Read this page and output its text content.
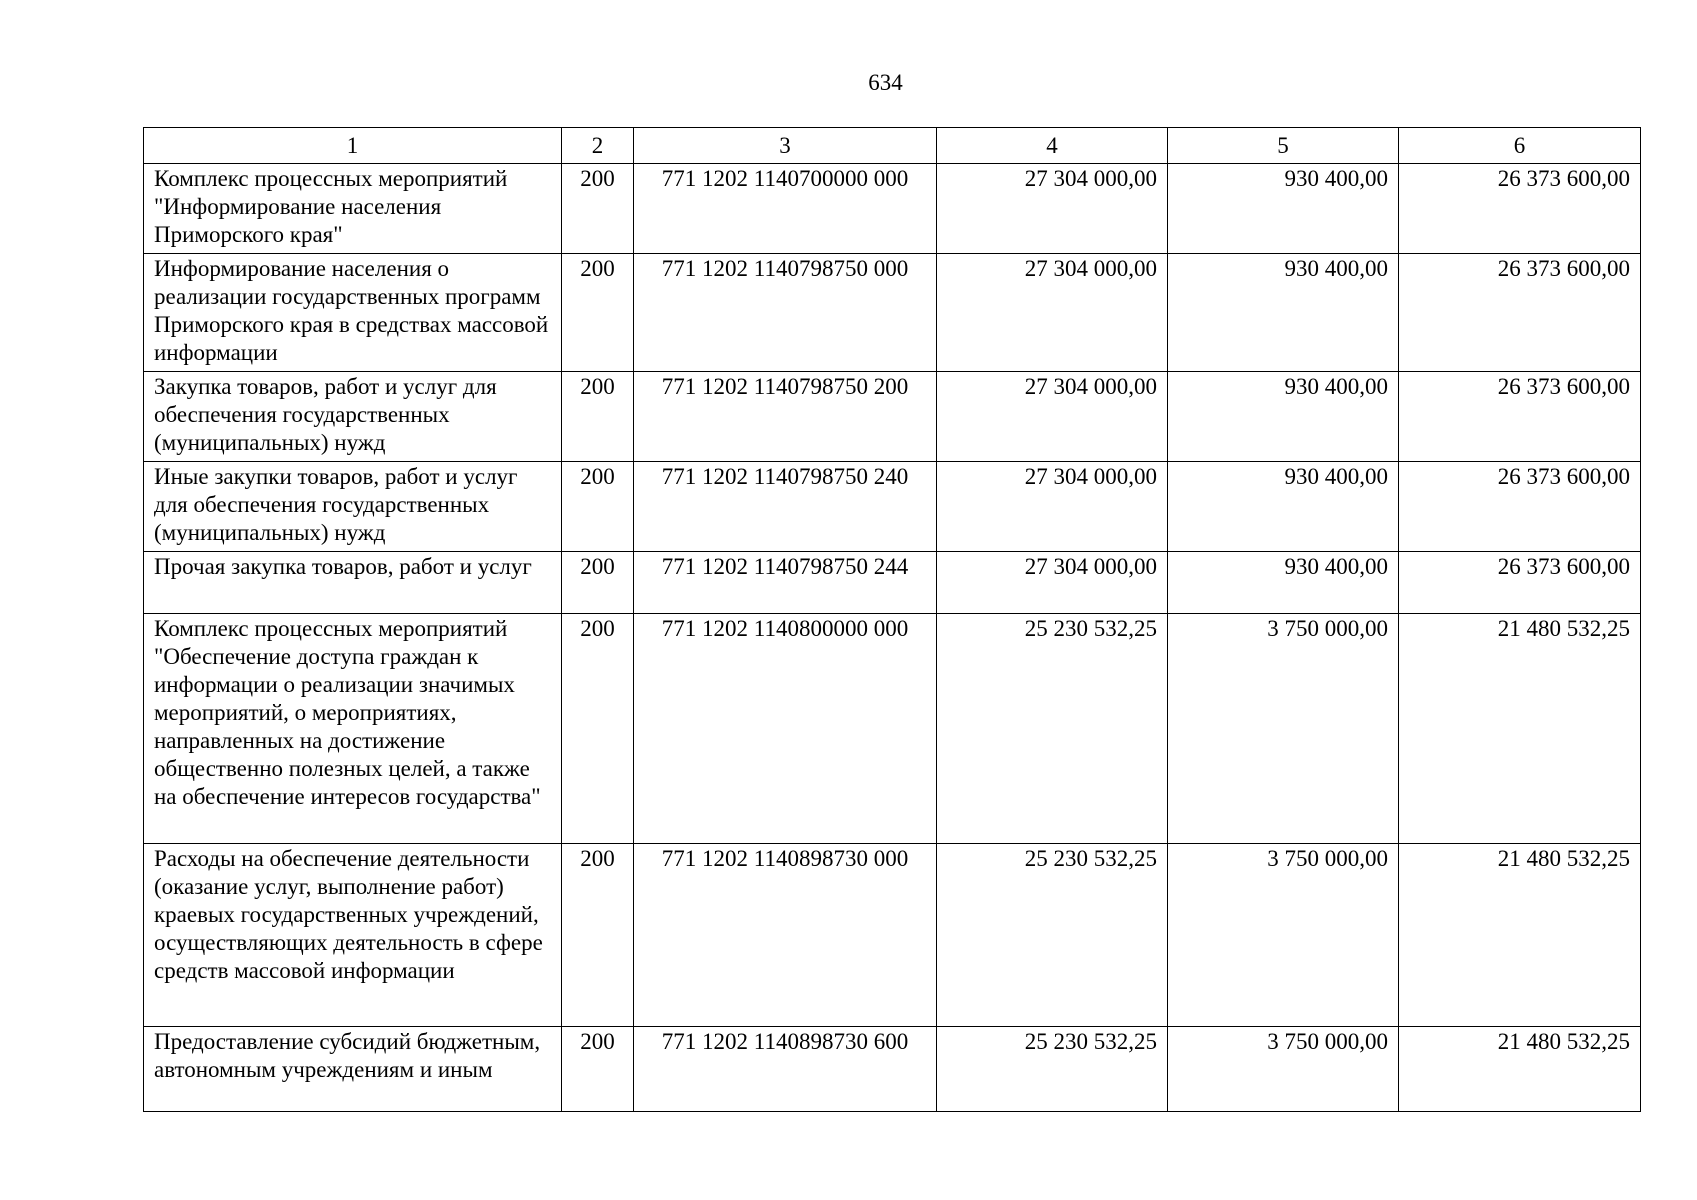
634
1	2	3	4	5	6
Комплекс процессных мероприятий "Информирование населения Приморского края"	200	771 1202 1140700000 000	27 304 000,00	930 400,00	26 373 600,00
Информирование населения о реализации государственных программ Приморского края в средствах массовой информации	200	771 1202 1140798750 000	27 304 000,00	930 400,00	26 373 600,00
Закупка товаров, работ и услуг для обеспечения государственных (муниципальных) нужд	200	771 1202 1140798750 200	27 304 000,00	930 400,00	26 373 600,00
Иные закупки товаров, работ и услуг для обеспечения государственных (муниципальных) нужд	200	771 1202 1140798750 240	27 304 000,00	930 400,00	26 373 600,00
Прочая закупка товаров, работ и услуг	200	771 1202 1140798750 244	27 304 000,00	930 400,00	26 373 600,00
Комплекс процессных мероприятий "Обеспечение доступа граждан к информации о реализации значимых мероприятий, о мероприятиях, направленных на достижение общественно полезных целей, а также на обеспечение интересов государства"	200	771 1202 1140800000 000	25 230 532,25	3 750 000,00	21 480 532,25
Расходы на обеспечение деятельности (оказание услуг, выполнение работ) краевых государственных учреждений, осуществляющих деятельность в сфере средств массовой информации	200	771 1202 1140898730 000	25 230 532,25	3 750 000,00	21 480 532,25
Предоставление субсидий бюджетным, автономным учреждениям и иным	200	771 1202 1140898730 600	25 230 532,25	3 750 000,00	21 480 532,25
